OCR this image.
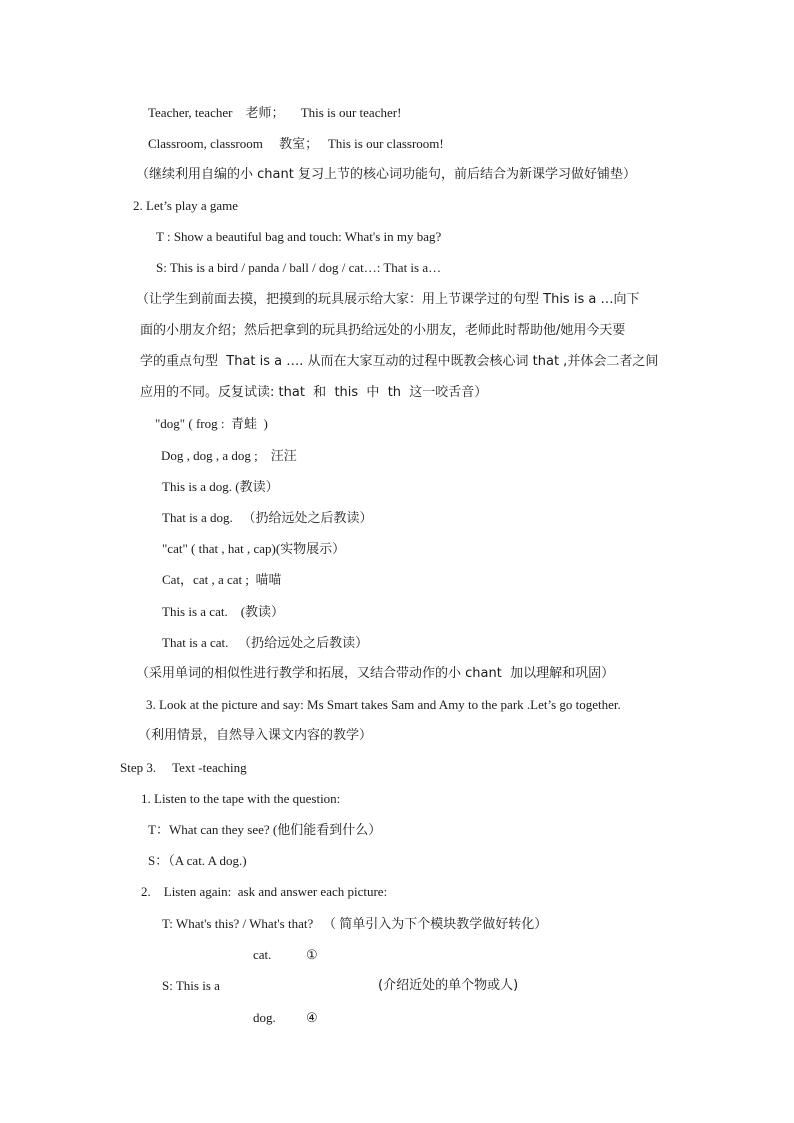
Teacher, teacher    老师；     This is our teacher!
Classroom, classroom     教室；   This is our classroom!
（继续利用自编的小 chant 复习上节的核心词功能句，前后结合为新课学习做好铺垫）
2. Let’s play a game
T : Show a beautiful bag and touch: What's in my bag?
S: This is a bird / panda / ball / dog / cat…: That is a…
（让学生到前面去摸，把摸到的玩具展示给大家：用上节课学过的句型 This is a …向下
面的小朋友介绍；然后把拿到的玩具扔给远处的小朋友，老师此时帮助他/她用今天要
学的重点句型  That is a …. 从而在大家互动的过程中既教会核心词 that ,并体会二者之间
应用的不同。反复试读: that  和  this  中  th  这一咬舌音）
"dog" ( frog :  青蛙  )
Dog , dog , a dog ;    汪汪
This is a dog. (教读）
That is a dog.   （扔给远处之后教读）
"cat" ( that , hat , cap)(实物展示）
Cat，cat , a cat ;  喵喵
This is a cat.    (教读）
That is a cat.   （扔给远处之后教读）
（采用单词的相似性进行教学和拓展，又结合带动作的小 chant  加以理解和巩固）
3. Look at the picture and say: Ms Smart takes Sam and Amy to the park .Let’s go together.
（利用情景，自然导入课文内容的教学）
Step 3.     Text -teaching
1. Listen to the tape with the question:
T：What can they see? (他们能看到什么）
S：（A cat. A dog.)
2.    Listen again:  ask and answer each picture:
T: What's this? / What's that?   （ 简单引入为下个模块教学做好转化）
cat.	①
S: This is a	(介绍近处的单个物或人)
dog. ④
